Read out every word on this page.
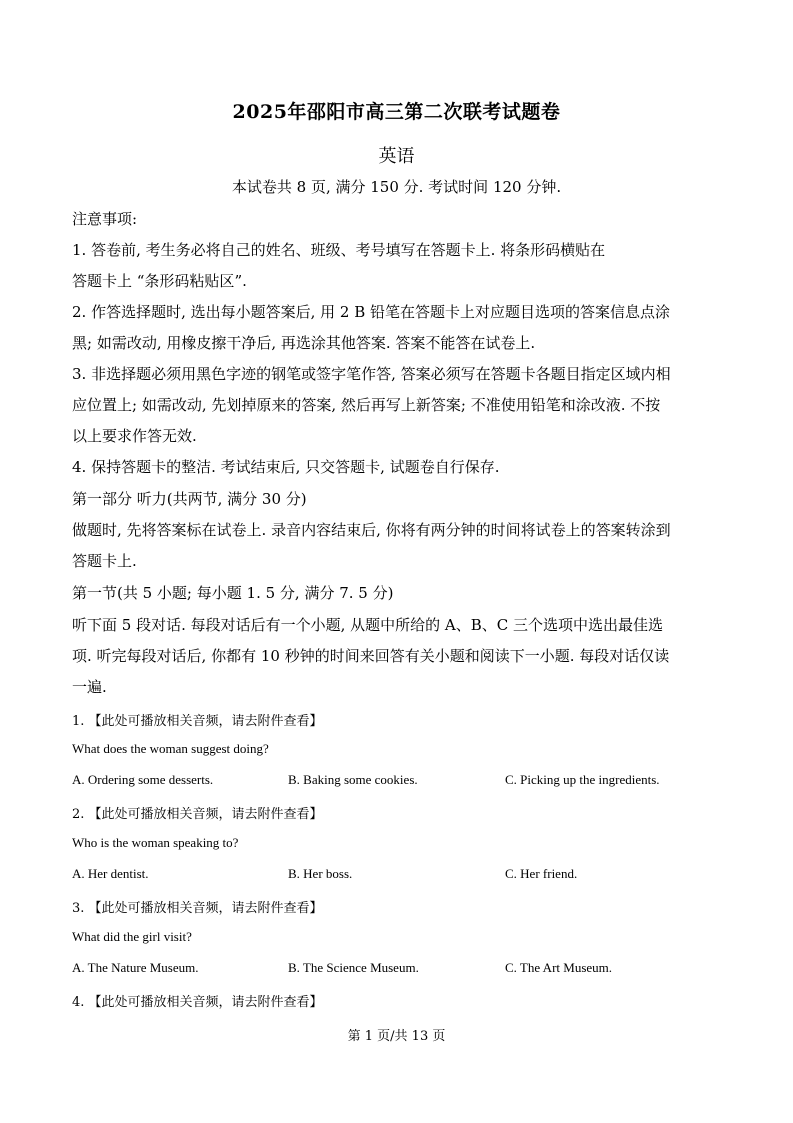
2025年邵阳市高三第二次联考试题卷
英语
本试卷共 8 页, 满分 150 分. 考试时间 120 分钟.
注意事项:
1. 答卷前, 考生务必将自己的姓名、班级、考号填写在答题卡上. 将条形码横贴在
答题卡上 “条形码粘贴区”.
2. 作答选择题时, 选出每小题答案后, 用 2 B 铅笔在答题卡上对应题目选项的答案信息点涂
黑; 如需改动, 用橡皮擦干净后, 再选涂其他答案. 答案不能答在试卷上.
3. 非选择题必须用黑色字迹的钢笔或签字笔作答, 答案必须写在答题卡各题目指定区域内相
应位置上; 如需改动, 先划掉原来的答案, 然后再写上新答案; 不准使用铅笔和涂改液. 不按
以上要求作答无效.
4. 保持答题卡的整洁. 考试结束后, 只交答题卡, 试题卷自行保存.
第一部分 听力(共两节, 满分 30 分)
做题时, 先将答案标在试卷上. 录音内容结束后, 你将有两分钟的时间将试卷上的答案转涂到
答题卡上.
第一节(共 5 小题; 每小题 1. 5 分, 满分 7. 5 分)
听下面 5 段对话. 每段对话后有一个小题, 从题中所给的 A、B、C 三个选项中选出最佳选
项. 听完每段对话后, 你都有 10 秒钟的时间来回答有关小题和阅读下一小题. 每段对话仅读
一遍.
1. 【此处可播放相关音频，请去附件查看】
What does the woman suggest doing?
A. Ordering some desserts.	B. Baking some cookies.	C. Picking up the ingredients.
2. 【此处可播放相关音频，请去附件查看】
Who is the woman speaking to?
A. Her dentist.	B. Her boss.	C. Her friend.
3. 【此处可播放相关音频，请去附件查看】
What did the girl visit?
A. The Nature Museum.	B. The Science Museum.	C. The Art Museum.
4. 【此处可播放相关音频，请去附件查看】
第 1 页/共 13 页
